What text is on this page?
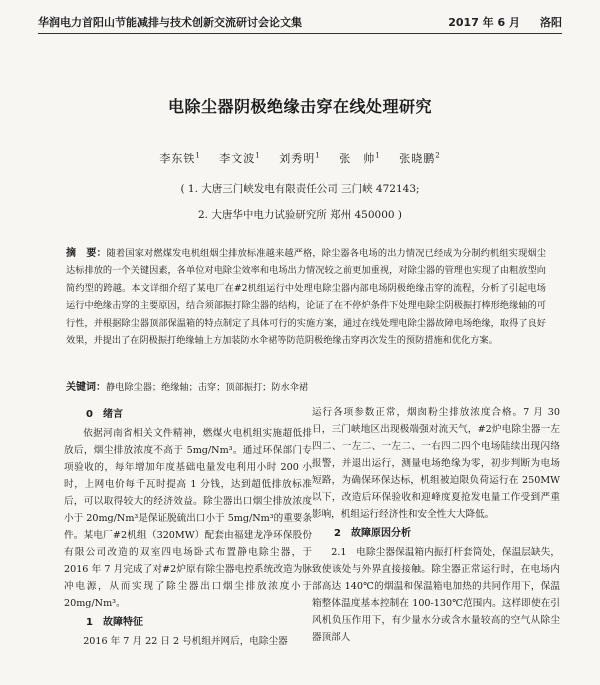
华润电力首阳山节能减排与技术创新交流研讨会论文集	2017 年 6 月 洛阳
电除尘器阴极绝缘击穿在线处理研究
李东铁$^1$ 李文波$^1$ 刘秀明$^1$ 张　帅$^1$ 张晓鹏$^2$
( 1. 大唐三门峡发电有限责任公司 三门峡 472143;
2. 大唐华中电力试验研究所 郑州 450000 )
摘　要：随着国家对燃煤发电机组烟尘排放标准越来越严格，除尘器各电场的出力情况已经成为分制约机组实现烟尘达标排放的一个关键因素，各单位对电除尘效率和电场出力情况较之前更加重视，对除尘器的管理也实现了由粗放型向简约型的跨越。本文详细介绍了某电厂在#2机组运行中处理电除尘器内部电场阴极绝缘击穿的流程，分析了引起电场运行中绝缘击穿的主要原因，结合须部振打除尘器的结构，论证了在不停炉条件下处理电除尘阴极振打棒形绝缘轴的可行性，并根据除尘器顶部保温箱的特点制定了具体可行的实施方案，通过在线处理电除尘器故障电场绝缘，取得了良好效果，并提出了在阴极振打绝缘轴上方加装防水伞裙等防范阴极绝缘击穿再次发生的预防措施和优化方案。
关键词：静电除尘器；绝缘轴；击穿；顶部振打；防水伞裙
0　绪言

依据河南省相关文件精神，燃煤火电机组实施超低排放后，烟尘排放浓度不高于 5mg/Nm³。通过环保部门专项验收的，每年增加年度基础电量发电利用小时 200 小时，上网电价每千瓦时提高 1 分钱，达到超低排放标准后，可以取得较大的经济效益。除尘器出口烟尘排放浓度小于 20mg/Nm³是保证脱硫出口小于 5mg/Nm³的重要条件。某电厂#2机组（320MW）配套由福建龙净环保股份有限公司改造的双室四电场卧式布置静电除尘器，于 2016 年 7 月完成了对#2炉原有除尘器电控系统改造为脉冲电源，从而实现了除尘器出口烟尘排放浓度小于 20mg/Nm³。

1　故障特征

2016 年 7 月 22 日 2 号机组并网后，电除尘器

运行各项参数正常，烟囱粉尘排放浓度合格。7 月 30 日，三门峡地区出现极端强对流天气，#2炉电除尘器一左四二、一左二、一左二、一右四二四个电场陆续出现闪络报警，并退出运行，测量电场绝缘为零，初步判断为电场短路，为确保环保达标，机组被迫限负荷运行在 250MW 以下，改造后环保验收和迎峰度夏抢发电量工作受到严重影响，机组运行经济性和安全性大大降低。

2　故障原因分析

2.1　电除尘器保温箱内振打杆套筒处，保温层缺失，致使该处与外界直接接触。除尘器正常运行时，在电场内部高达 140℃的烟温和保温箱电加热的共同作用下，保温箱整体温度基本控制在 100-130℃范围内。这样即使在引风机负压作用下，有少量水分或含水量较高的空气从除尘器顶部人
